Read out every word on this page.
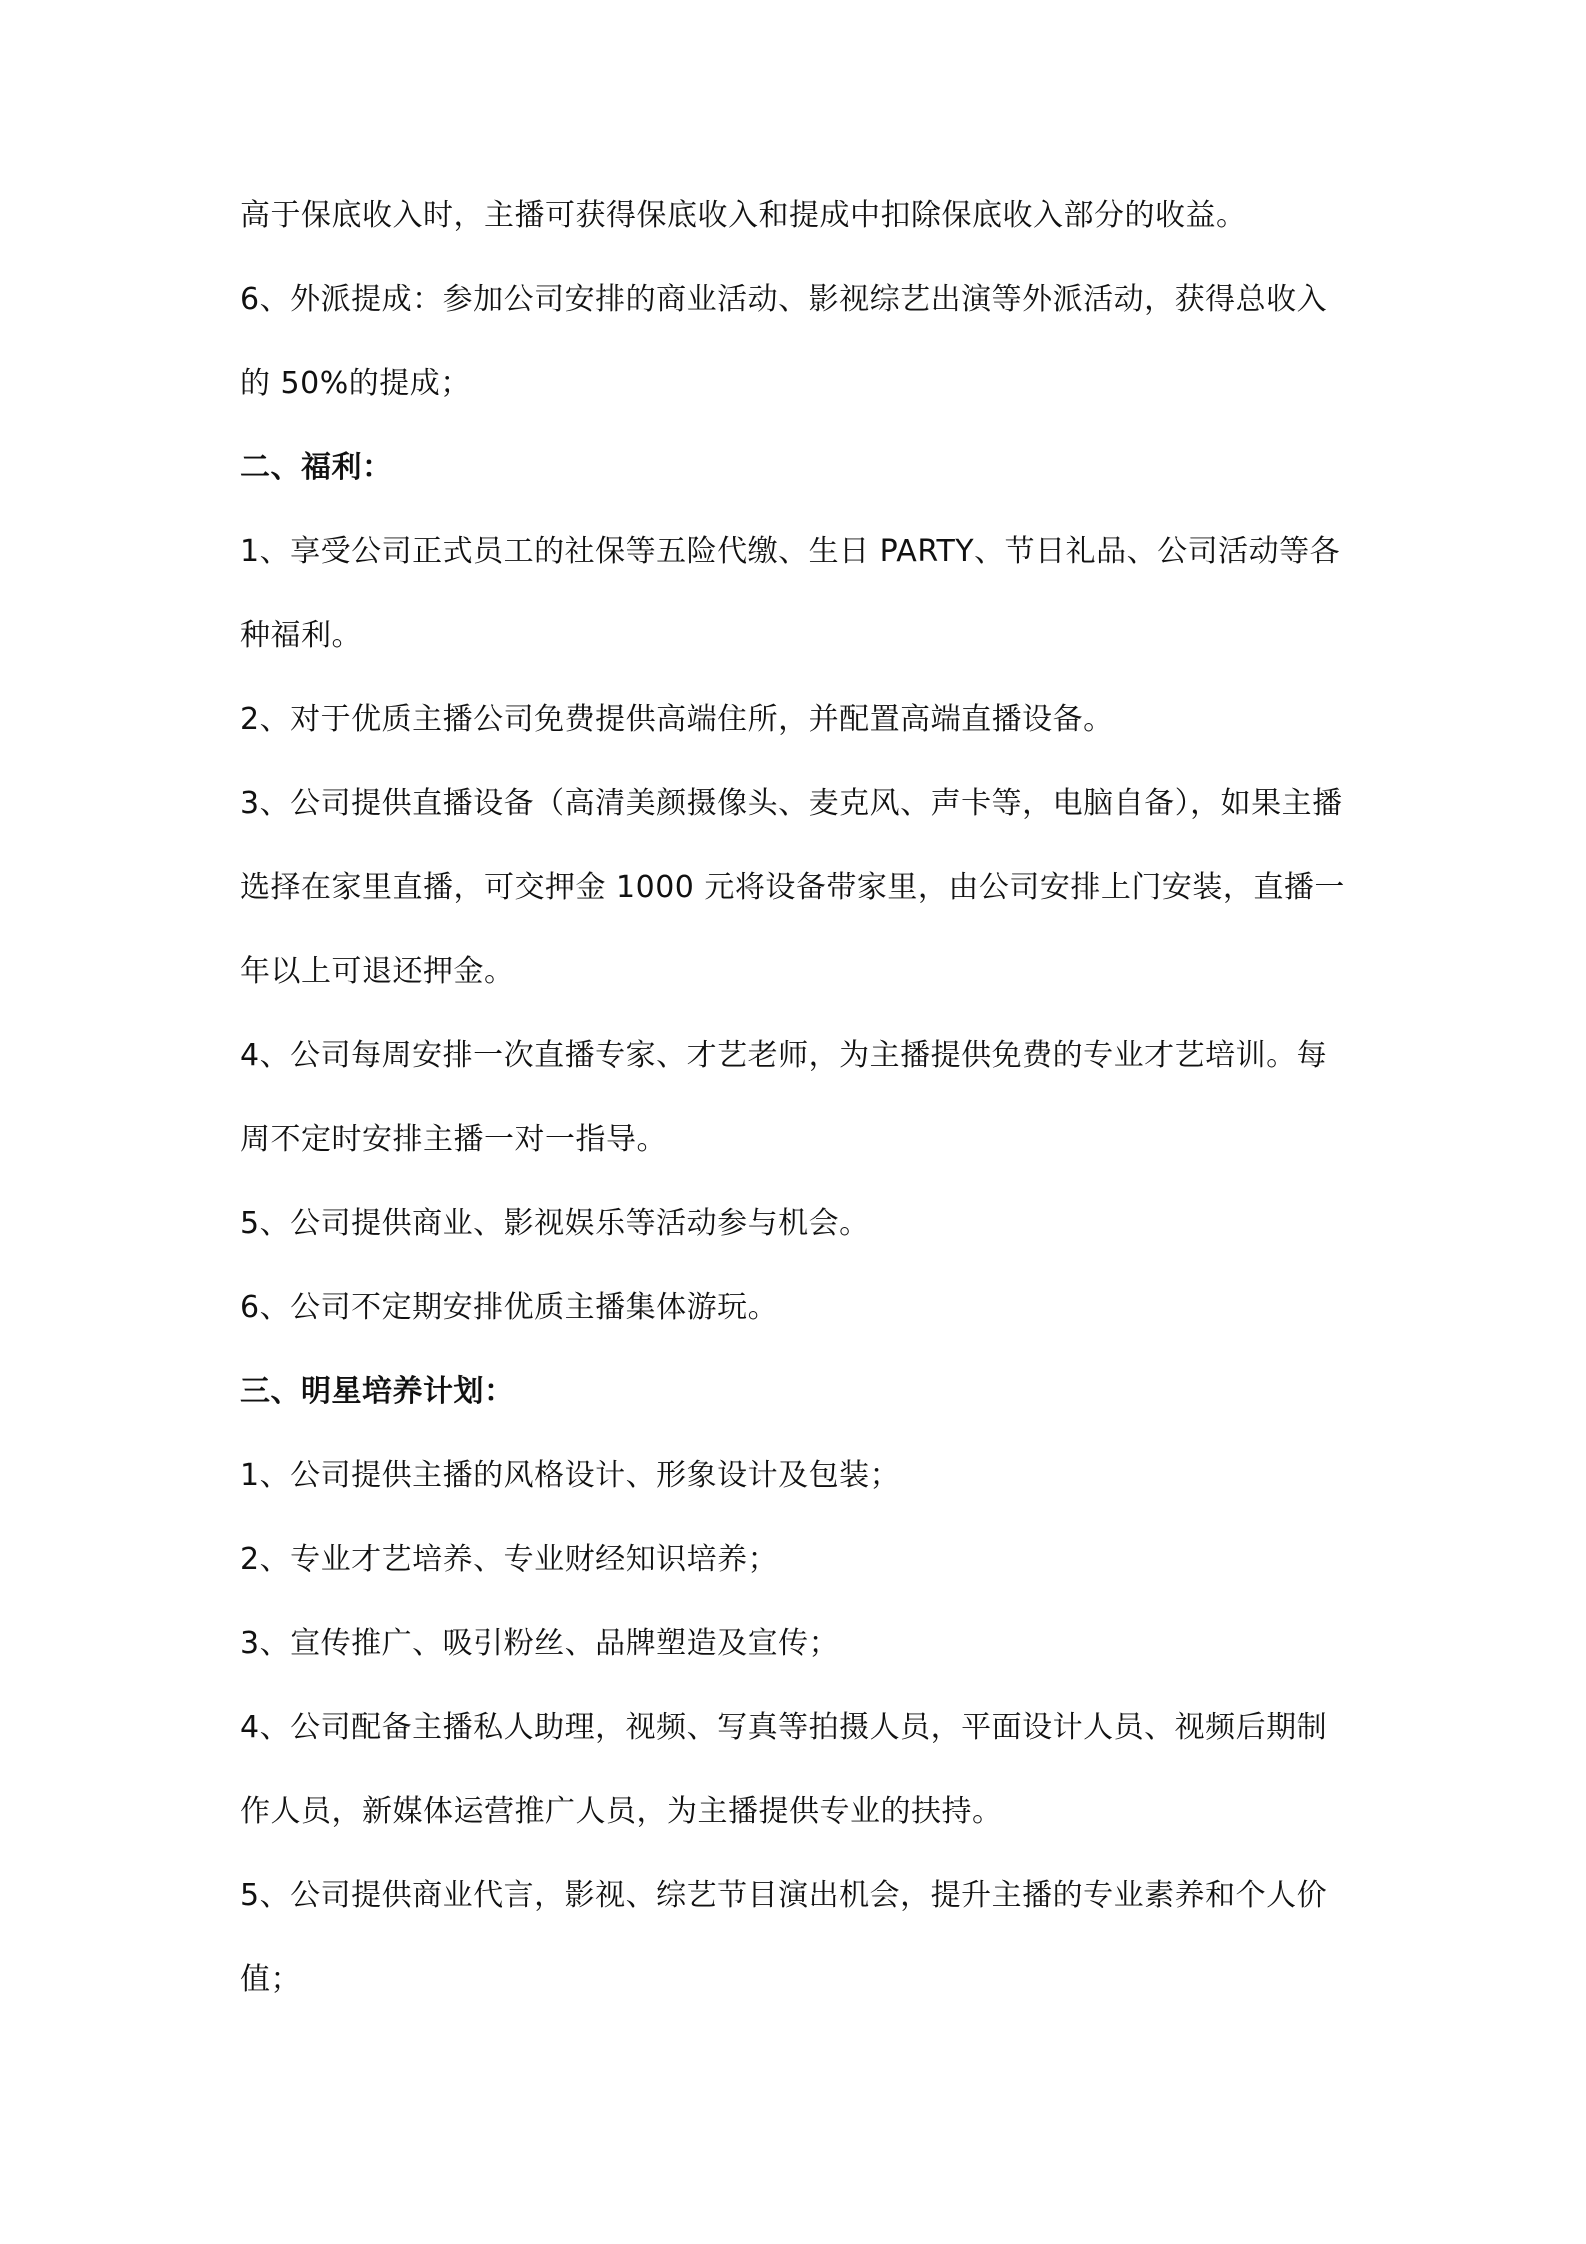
高于保底收入时，主播可获得保底收入和提成中扣除保底收入部分的收益。
6、外派提成：参加公司安排的商业活动、影视综艺出演等外派活动，获得总收入
的 50%的提成；
二、福利：
1、享受公司正式员工的社保等五险代缴、生日 PARTY、节日礼品、公司活动等各
种福利。
2、对于优质主播公司免费提供高端住所，并配置高端直播设备。
3、公司提供直播设备（高清美颜摄像头、麦克风、声卡等，电脑自备），如果主播
选择在家里直播，可交押金 1000 元将设备带家里，由公司安排上门安装，直播一
年以上可退还押金。
4、公司每周安排一次直播专家、才艺老师，为主播提供免费的专业才艺培训。每
周不定时安排主播一对一指导。
5、公司提供商业、影视娱乐等活动参与机会。
6、公司不定期安排优质主播集体游玩。
三、明星培养计划：
1、公司提供主播的风格设计、形象设计及包装；
2、专业才艺培养、专业财经知识培养；
3、宣传推广、吸引粉丝、品牌塑造及宣传；
4、公司配备主播私人助理，视频、写真等拍摄人员，平面设计人员、视频后期制
作人员，新媒体运营推广人员，为主播提供专业的扶持。
5、公司提供商业代言，影视、综艺节目演出机会，提升主播的专业素养和个人价
值；
